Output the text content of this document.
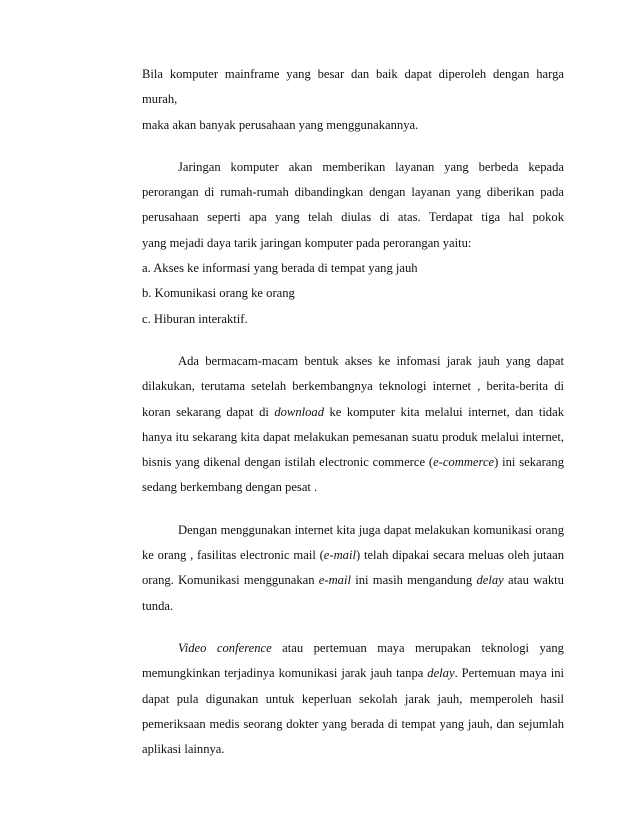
Bila komputer mainframe yang besar dan baik dapat diperoleh dengan harga murah,

maka akan banyak perusahaan yang menggunakannya.

Jaringan komputer akan memberikan layanan yang berbeda kepada

perorangan di rumah-rumah dibandingkan dengan layanan yang diberikan pada

perusahaan seperti apa yang telah diulas di atas. Terdapat tiga hal pokok

yang mejadi daya tarik jaringan komputer pada perorangan yaitu:

a. Akses ke informasi yang berada di tempat yang jauh

b. Komunikasi orang ke orang

c. Hiburan interaktif.

Ada bermacam-macam bentuk akses ke infomasi jarak jauh yang dapat

dilakukan, terutama setelah berkembangnya teknologi internet , berita-berita di

koran sekarang dapat di download ke komputer kita melalui internet, dan tidak

hanya itu sekarang kita dapat melakukan pemesanan suatu produk melalui internet,

bisnis yang dikenal dengan istilah electronic commerce (e-commerce) ini sekarang

sedang berkembang dengan pesat .

Dengan menggunakan internet kita juga dapat melakukan komunikasi orang

ke orang , fasilitas electronic mail (e-mail) telah dipakai secara meluas oleh jutaan

orang. Komunikasi menggunakan e-mail ini masih mengandung delay atau waktu

tunda.

Video conference atau pertemuan maya merupakan teknologi yang

memungkinkan terjadinya komunikasi jarak jauh tanpa delay. Pertemuan maya ini

dapat pula digunakan untuk keperluan sekolah jarak jauh, memperoleh hasil

pemeriksaan medis seorang dokter yang berada di tempat yang jauh, dan sejumlah

aplikasi lainnya.
